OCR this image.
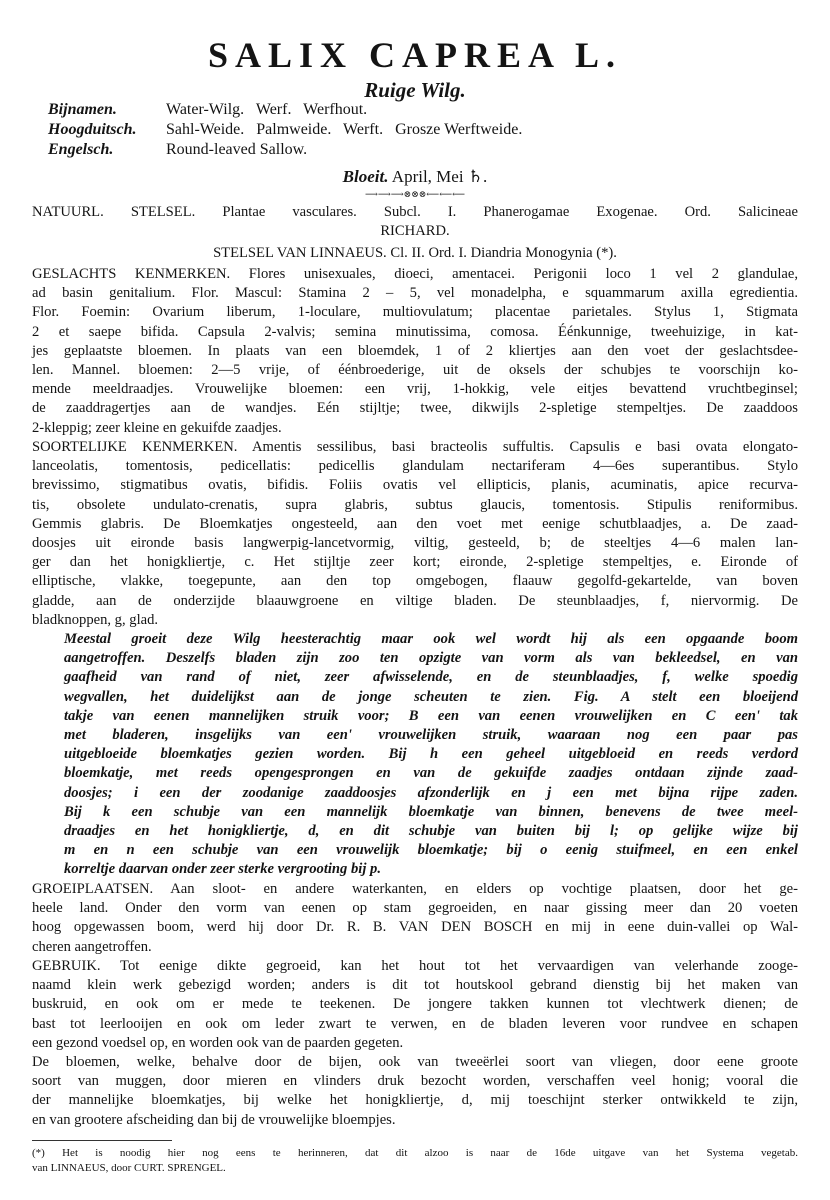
SALIX CAPREA L.
Ruige Wilg.
Bijnamen.	Water-Wilg.   Werf.   Werfhout.
Hoogduitsch.	Sahl-Weide.   Palmweide.   Werft.   Grosze Werftweide.
Engelsch.	Round-leaved Sallow.
Bloeit. April, Mei ♄.
⟶⟶⟶⊗⊗⊗⟵⟵⟵
NATUURL. STELSEL. Plantae vasculares. Subcl. I. Phanerogamae Exogenae. Ord. Salicineae
RICHARD.
STELSEL VAN LINNAEUS. Cl. II. Ord. I. Diandria Monogynia (*).
GESLACHTS KENMERKEN. Flores unisexuales, dioeci, amentacei. Perigonii loco 1 vel 2 glandulae,
ad basin genitalium. Flor. Mascul: Stamina 2 – 5, vel monadelpha, e squammarum axilla egredientia.
Flor. Foemin: Ovarium liberum, 1-loculare, multiovulatum; placentae parietales. Stylus 1, Stigmata
2 et saepe bifida. Capsula 2-valvis; semina minutissima, comosa. Éénkunnige, tweehuizige, in kat-
jes geplaatste bloemen. In plaats van een bloemdek, 1 of 2 kliertjes aan den voet der geslachtsdee-
len. Mannel. bloemen: 2—5 vrije, of éénbroederige, uit de oksels der schubjes te voorschijn ko-
mende meeldraadjes. Vrouwelijke bloemen: een vrij, 1-hokkig, vele eitjes bevattend vruchtbeginsel;
de zaaddragertjes aan de wandjes. Eén stijltje; twee, dikwijls 2-spletige stempeltjes. De zaaddoos
2-kleppig; zeer kleine en gekuifde zaadjes.
SOORTELIJKE KENMERKEN. Amentis sessilibus, basi bracteolis suffultis. Capsulis e basi ovata elongato-
lanceolatis, tomentosis, pedicellatis: pedicellis glandulam nectariferam 4—6es superantibus. Stylo
brevissimo, stigmatibus ovatis, bifidis. Foliis ovatis vel ellipticis, planis, acuminatis, apice recurva-
tis, obsolete undulato-crenatis, supra glabris, subtus glaucis, tomentosis. Stipulis reniformibus.
Gemmis glabris. De Bloemkatjes ongesteeld, aan den voet met eenige schutblaadjes, a. De zaad-
doosjes uit eironde basis langwerpig-lancetvormig, viltig, gesteeld, b; de steeltjes 4—6 malen lan-
ger dan het honigkliertje, c. Het stijltje zeer kort; eironde, 2-spletige stempeltjes, e. Eironde of
elliptische, vlakke, toegepunte, aan den top omgebogen, flaauw gegolfd-gekartelde, van boven
gladde, aan de onderzijde blaauwgroene en viltige bladen. De steunblaadjes, f, niervormig. De
bladknoppen, g, glad.
Meestal groeit deze Wilg heesterachtig maar ook wel wordt hij als een opgaande boom
aangetroffen. Deszelfs bladen zijn zoo ten opzigte van vorm als van bekleedsel, en van
gaafheid van rand of niet, zeer afwisselende, en de steunblaadjes, f, welke spoedig
wegvallen, het duidelijkst aan de jonge scheuten te zien. Fig. A stelt een bloeijend
takje van eenen mannelijken struik voor; B een van eenen vrouwelijken en C een' tak
met bladeren, insgelijks van een' vrouwelijken struik, waaraan nog een paar pas
uitgebloeide bloemkatjes gezien worden. Bij h een geheel uitgebloeid en reeds verdord
bloemkatje, met reeds opengesprongen en van de gekuifde zaadjes ontdaan zijnde zaad-
doosjes; i een der zoodanige zaaddoosjes afzonderlijk en j een met bijna rijpe zaden.
Bij k een schubje van een mannelijk bloemkatje van binnen, benevens de twee meel-
draadjes en het honigkliertje, d, en dit schubje van buiten bij l; op gelijke wijze bij
m en n een schubje van een vrouwelijk bloemkatje; bij o eenig stuifmeel, en een enkel
korreltje daarvan onder zeer sterke vergrooting bij p.
GROEIPLAATSEN. Aan sloot- en andere waterkanten, en elders op vochtige plaatsen, door het ge-
heele land. Onder den vorm van eenen op stam gegroeiden, en naar gissing meer dan 20 voeten
hoog opgewassen boom, werd hij door Dr. R. B. VAN DEN BOSCH en mij in eene duin-vallei op Wal-
cheren aangetroffen.
GEBRUIK. Tot eenige dikte gegroeid, kan het hout tot het vervaardigen van velerhande zooge-
naamd klein werk gebezigd worden; anders is dit tot houtskool gebrand dienstig bij het maken van
buskruid, en ook om er mede te teekenen. De jongere takken kunnen tot vlechtwerk dienen; de
bast tot leerlooijen en ook om leder zwart te verwen, en de bladen leveren voor rundvee en schapen
een gezond voedsel op, en worden ook van de paarden gegeten.
De bloemen, welke, behalve door de bijen, ook van tweeërlei soort van vliegen, door eene groote
soort van muggen, door mieren en vlinders druk bezocht worden, verschaffen veel honig; vooral die
der mannelijke bloemkatjes, bij welke het honigkliertje, d, mij toeschijnt sterker ontwikkeld te zijn,
en van grootere afscheiding dan bij de vrouwelijke bloempjes.
(*) Het is noodig hier nog eens te herinneren, dat dit alzoo is naar de 16de uitgave van het Systema vegetab.
van LINNAEUS, door CURT. SPRENGEL.
